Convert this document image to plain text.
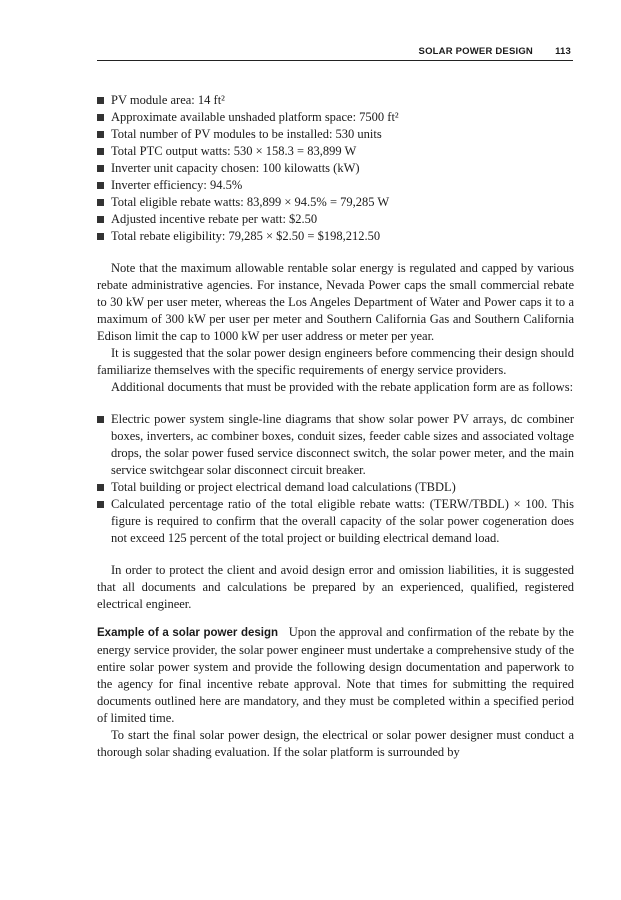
SOLAR POWER DESIGN 113
PV module area: 14 ft²
Approximate available unshaded platform space: 7500 ft²
Total number of PV modules to be installed: 530 units
Total PTC output watts: 530 × 158.3 = 83,899 W
Inverter unit capacity chosen: 100 kilowatts (kW)
Inverter efficiency: 94.5%
Total eligible rebate watts: 83,899 × 94.5% = 79,285 W
Adjusted incentive rebate per watt: $2.50
Total rebate eligibility: 79,285 × $2.50 = $198,212.50

Note that the maximum allowable rentable solar energy is regulated and capped by various rebate administrative agencies. For instance, Nevada Power caps the small commercial rebate to 30 kW per user meter, whereas the Los Angeles Department of Water and Power caps it to a maximum of 300 kW per user per meter and Southern California Gas and Southern California Edison limit the cap to 1000 kW per user address or meter per year.

It is suggested that the solar power design engineers before commencing their design should familiarize themselves with the specific requirements of energy service providers.

Additional documents that must be provided with the rebate application form are as follows:

Electric power system single-line diagrams that show solar power PV arrays, dc combiner boxes, inverters, ac combiner boxes, conduit sizes, feeder cable sizes and associated voltage drops, the solar power fused service disconnect switch, the solar power meter, and the main service switchgear solar disconnect circuit breaker.
Total building or project electrical demand load calculations (TBDL)
Calculated percentage ratio of the total eligible rebate watts: (TERW/TBDL) × 100. This figure is required to confirm that the overall capacity of the solar power cogeneration does not exceed 125 percent of the total project or building electrical demand load.

In order to protect the client and avoid design error and omission liabilities, it is suggested that all documents and calculations be prepared by an experienced, qualified, registered electrical engineer.

Example of a solar power design Upon the approval and confirmation of the rebate by the energy service provider, the solar power engineer must undertake a comprehensive study of the entire solar power system and provide the following design documentation and paperwork to the agency for final incentive rebate approval. Note that times for submitting the required documents outlined here are mandatory, and they must be completed within a specified period of limited time.

To start the final solar power design, the electrical or solar power designer must conduct a thorough solar shading evaluation. If the solar platform is surrounded by
